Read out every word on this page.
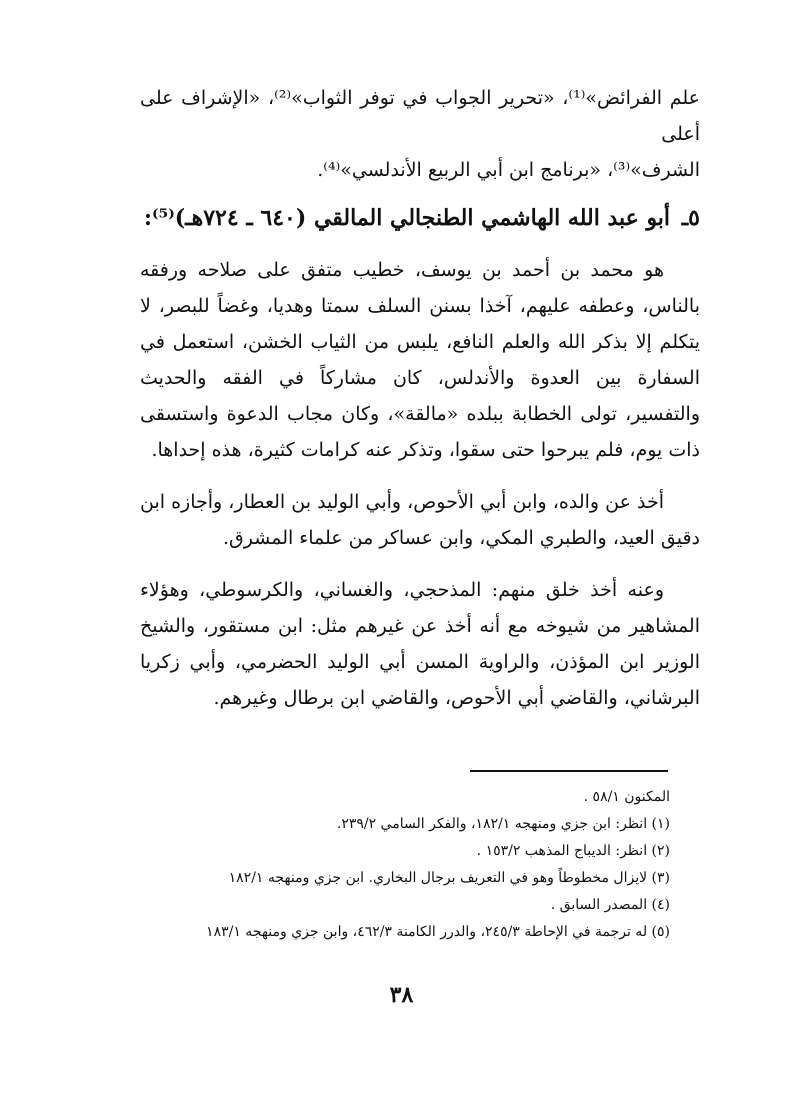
علم الفرائض»⁽¹⁾، «تحرير الجواب في توفر الثواب»⁽²⁾، «الإشراف على أعلى

الشرف»⁽³⁾، «برنامج ابن أبي الربيع الأندلسي»⁽⁴⁾.

٥ـ أبو عبد الله الهاشمي الطنجالي المالقي (٦٤٠ ـ ٧٢٤هـ)⁽⁵⁾:

هو محمد بن أحمد بن يوسف، خطيب متفق على صلاحه ورفقه بالناس، وعطفه عليهم، آخذا بسنن السلف سمتا وهديا، وغضاً للبصر، لا يتكلم إلا بذكر الله والعلم النافع، يلبس من الثياب الخشن، استعمل في السفارة بين العدوة والأندلس، كان مشاركاً في الفقه والحديث والتفسير، تولى الخطابة ببلده «مالقة»، وكان مجاب الدعوة واستسقى ذات يوم، فلم يبرحوا حتى سقوا، وتذكر عنه كرامات كثيرة، هذه إحداها.

أخذ عن والده، وابن أبي الأحوص، وأبي الوليد بن العطار، وأجازه ابن دقيق العيد، والطبري المكي، وابن عساكر من علماء المشرق.

وعنه أخذ خلق منهم: المذحجي، والغساني، والكرسوطي، وهؤلاء المشاهير من شيوخه مع أنه أخذ عن غيرهم مثل: ابن مستقور، والشيخ الوزير ابن المؤذن، والراوية المسن أبي الوليد الحضرمي، وأبي زكريا البرشاني، والقاضي أبي الأحوص، والقاضي ابن برطال وغيرهم.

المكنون ٥٨/١ .

(١) انظر: ابن جزي ومنهجه ١٨٢/١، والفكر السامي ٢٣٩/٢.

(٢) انظر: الديباج المذهب ١٥٣/٢ .

(٣) لايزال مخطوطاً وهو في التعريف برجال البخاري. ابن جزي ومنهجه ١٨٢/١

(٤) المصدر السابق .

(٥) له ترجمة في الإحاطة ٢٤٥/٣، والدرر الكامنة ٤٦٢/٣، وابن جزي ومنهجه ١٨٣/١

٣٨
